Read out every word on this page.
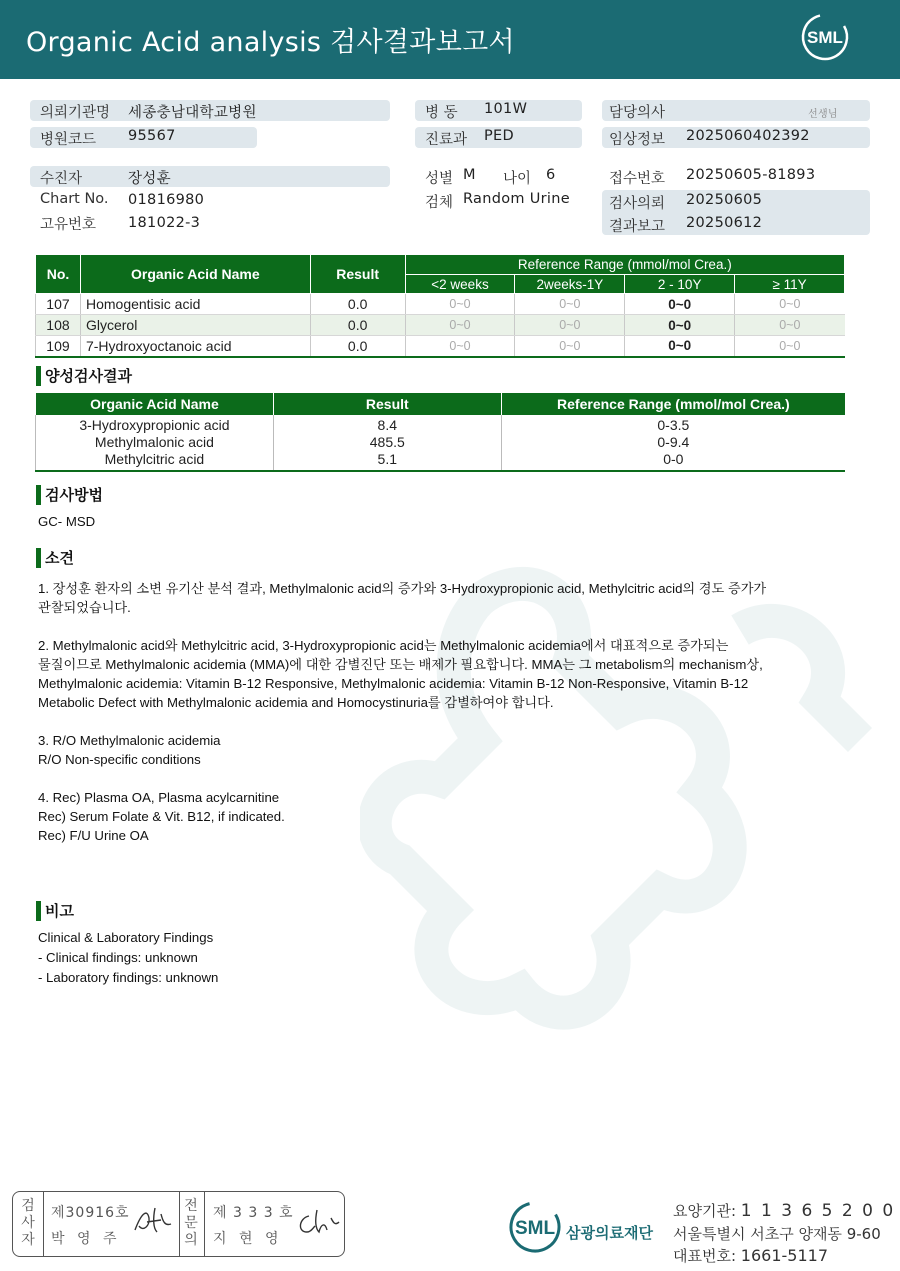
Organic Acid analysis 검사결과보고서	SML
의뢰기관명 세종충남대학교병원
병원코드 95567
병 동 101W
진료과 PED
담당의사	선생님
임상정보 2025060402392
수진자	장성훈
Chart No. 01816980
고유번호 181022-3
성별 M 나이 6
검체 Random Urine
접수번호 20250605-81893
검사의뢰 20250605
결과보고 20250612
No.	Organic Acid Name	Result	Reference Range (mmol/mol Crea.)			
			<2 weeks	2weeks-1Y	2 - 10Y	≥ 11Y
107	Homogentisic acid	0.0	0~0	0~0	0~0	0~0
108	Glycerol	0.0	0~0	0~0	0~0	0~0
109	7-Hydroxyoctanoic acid	0.0	0~0	0~0	0~0	0~0
양성검사결과
Organic Acid Name	Result	Reference Range (mmol/mol Crea.)
3-Hydroxypropionic acid	8.4	0-3.5
Methylmalonic acid	485.5	0-9.4
Methylcitric acid	5.1	0-0
검사방법
GC- MSD
소견
1. 장성훈 환자의 소변 유기산 분석 결과, Methylmalonic acid의 증가와 3-Hydroxypropionic acid, Methylcitric acid의 경도 증가가
관찰되었습니다.
2. Methylmalonic acid와 Methylcitric acid, 3-Hydroxypropionic acid는 Methylmalonic acidemia에서 대표적으로 증가되는
물질이므로 Methylmalonic acidemia (MMA)에 대한 감별진단 또는 배제가 필요합니다. MMA는 그 metabolism의 mechanism상,
Methylmalonic acidemia: Vitamin B-12 Responsive, Methylmalonic acidemia: Vitamin B-12 Non-Responsive, Vitamin B-12
Metabolic Defect with Methylmalonic acidemia and Homocystinuria를 감별하여야 합니다.
3. R/O Methylmalonic acidemia
R/O Non-specific conditions
4. Rec) Plasma OA, Plasma acylcarnitine
Rec) Serum Folate & Vit. B12, if indicated.
Rec) F/U Urine OA
비고
Clinical & Laboratory Findings
- Clinical findings: unknown
- Laboratory findings: unknown
검
사
자
제30916호
박 영 주
전
문
의
제 3 3 3 호
지 현 영	SML 삼광의료재단
요양기관: 1 1 3 6 5 2 0 0
서울특별시 서초구 양재동 9-60
대표번호: 1661-5117
